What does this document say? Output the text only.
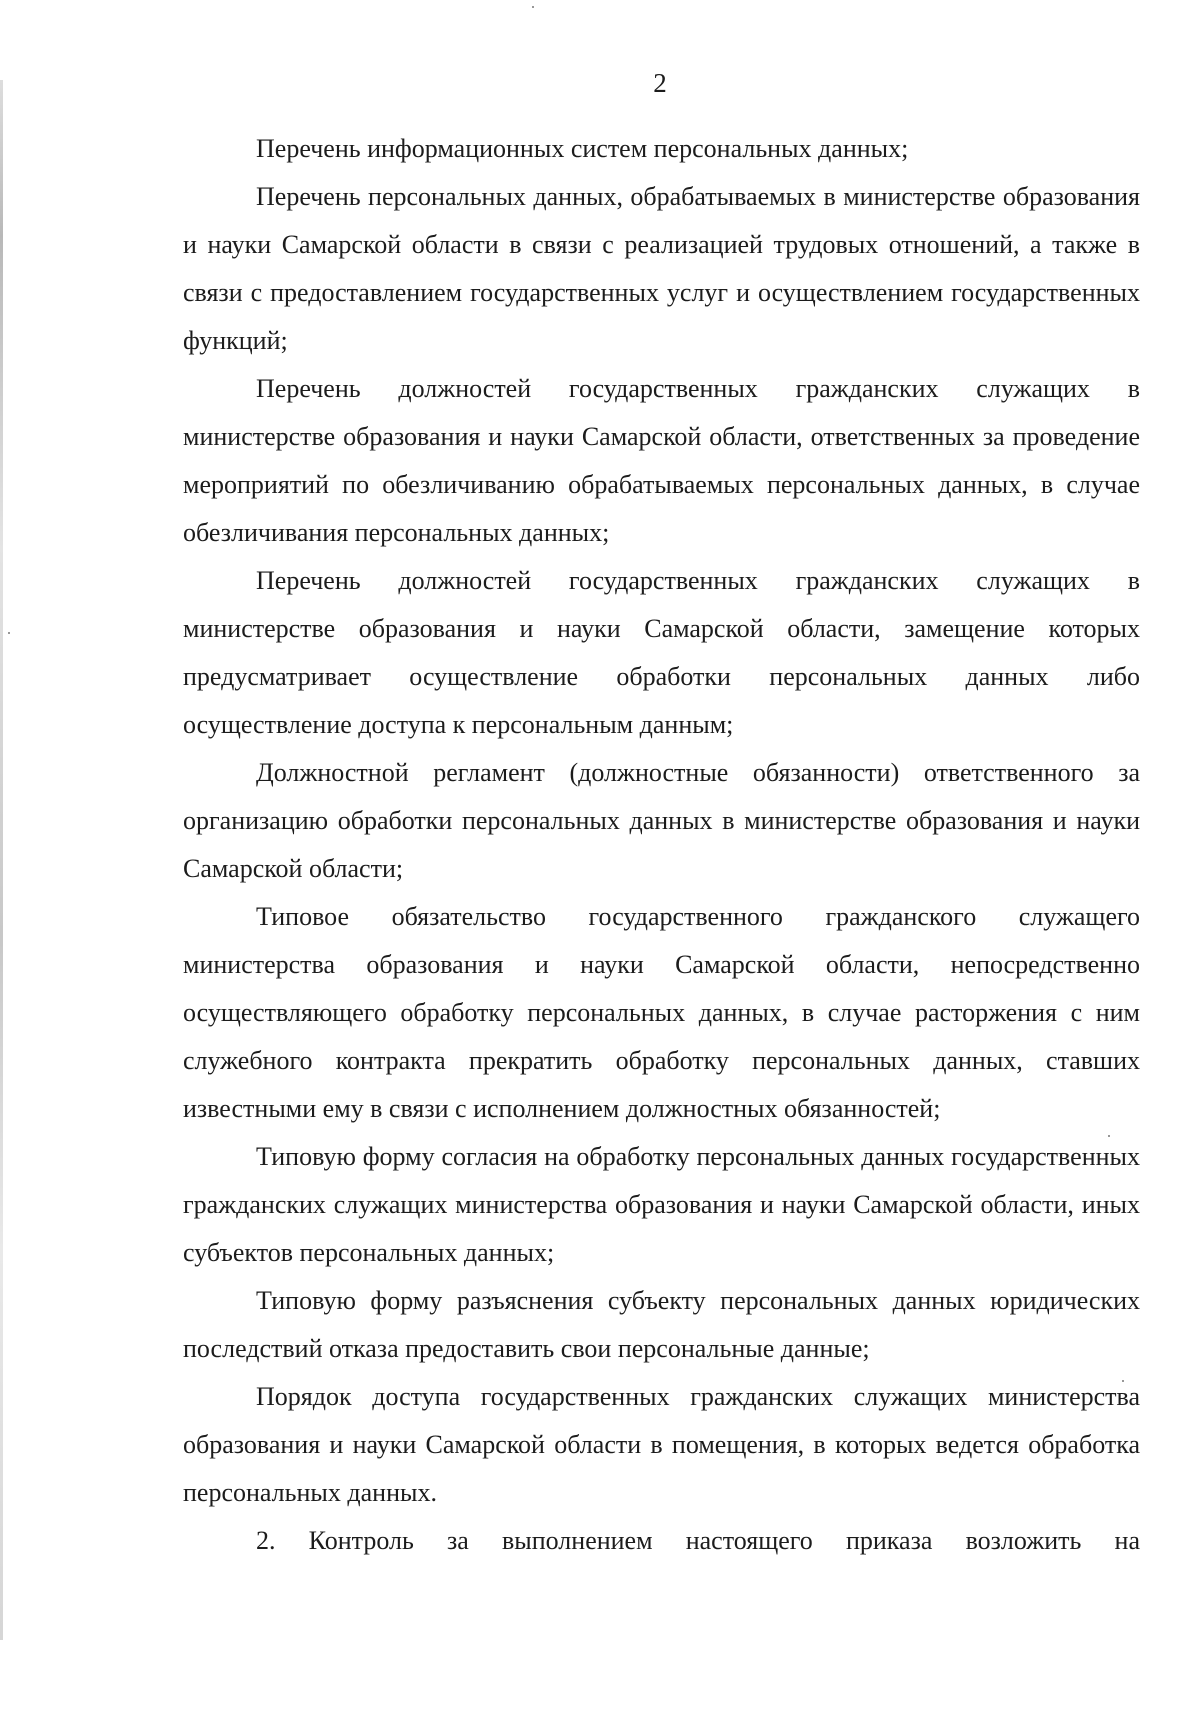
2

Перечень информационных систем персональных данных;

Перечень персональных данных, обрабатываемых в министерстве образования и науки Самарской области в связи с реализацией трудовых отношений, а также в связи с предоставлением государственных услуг и осуществлением государственных функций;

Перечень должностей государственных гражданских служащих в министерстве образования и науки Самарской области, ответственных за проведение мероприятий по обезличиванию обрабатываемых персональных данных, в случае обезличивания персональных данных;

Перечень должностей государственных гражданских служащих в министерстве образования и науки Самарской области, замещение которых предусматривает осуществление обработки персональных данных либо осуществление доступа к персональным данным;

Должностной регламент (должностные обязанности) ответственного за организацию обработки персональных данных в министерстве образования и науки Самарской области;

Типовое обязательство государственного гражданского служащего министерства образования и науки Самарской области, непосредственно осуществляющего обработку персональных данных, в случае расторжения с ним служебного контракта прекратить обработку персональных данных, ставших известными ему в связи с исполнением должностных обязанностей;

Типовую форму согласия на обработку персональных данных государственных гражданских служащих министерства образования и науки Самарской области, иных субъектов персональных данных;

Типовую форму разъяснения субъекту персональных данных юридических последствий отказа предоставить свои персональные данные;

Порядок доступа государственных гражданских служащих министерства образования и науки Самарской области в помещения, в которых ведется обработка персональных данных.

2. Контроль за выполнением настоящего приказа возложить на
